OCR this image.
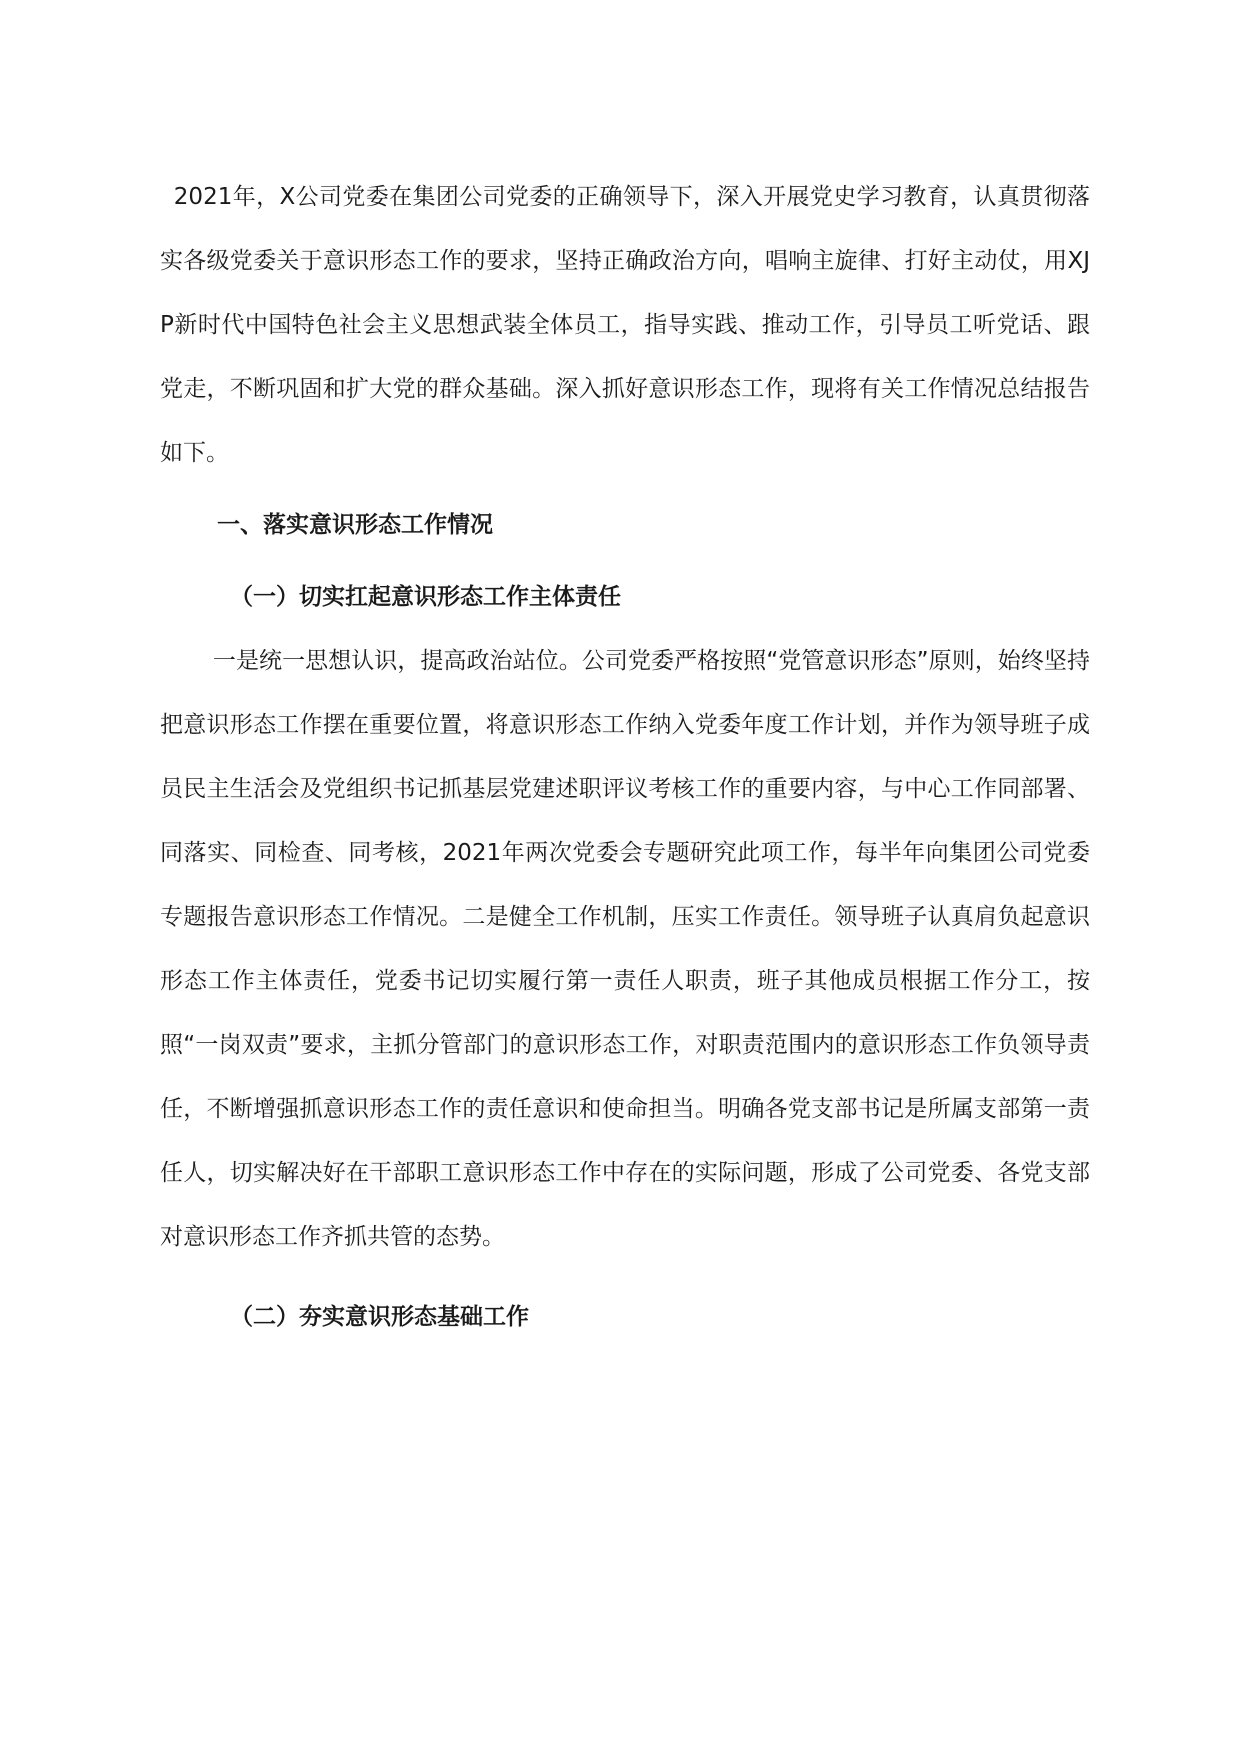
2021年，X公司党委在集团公司党委的正确领导下，深入开展党史学习教育，认真贯彻落实各级党委关于意识形态工作的要求，坚持正确政治方向，唱响主旋律、打好主动仗，用XJP新时代中国特色社会主义思想武装全体员工，指导实践、推动工作，引导员工听党话、跟党走，不断巩固和扩大党的群众基础。深入抓好意识形态工作，现将有关工作情况总结报告如下。

一、落实意识形态工作情况

（一）切实扛起意识形态工作主体责任

一是统一思想认识，提高政治站位。公司党委严格按照“党管意识形态”原则，始终坚持把意识形态工作摆在重要位置，将意识形态工作纳入党委年度工作计划，并作为领导班子成员民主生活会及党组织书记抓基层党建述职评议考核工作的重要内容，与中心工作同部署、同落实、同检查、同考核，2021年两次党委会专题研究此项工作，每半年向集团公司党委专题报告意识形态工作情况。二是健全工作机制，压实工作责任。领导班子认真肩负起意识形态工作主体责任，党委书记切实履行第一责任人职责，班子其他成员根据工作分工，按照“一岗双责”要求，主抓分管部门的意识形态工作，对职责范围内的意识形态工作负领导责任，不断增强抓意识形态工作的责任意识和使命担当。明确各党支部书记是所属支部第一责任人，切实解决好在干部职工意识形态工作中存在的实际问题，形成了公司党委、各党支部对意识形态工作齐抓共管的态势。

（二）夯实意识形态基础工作
